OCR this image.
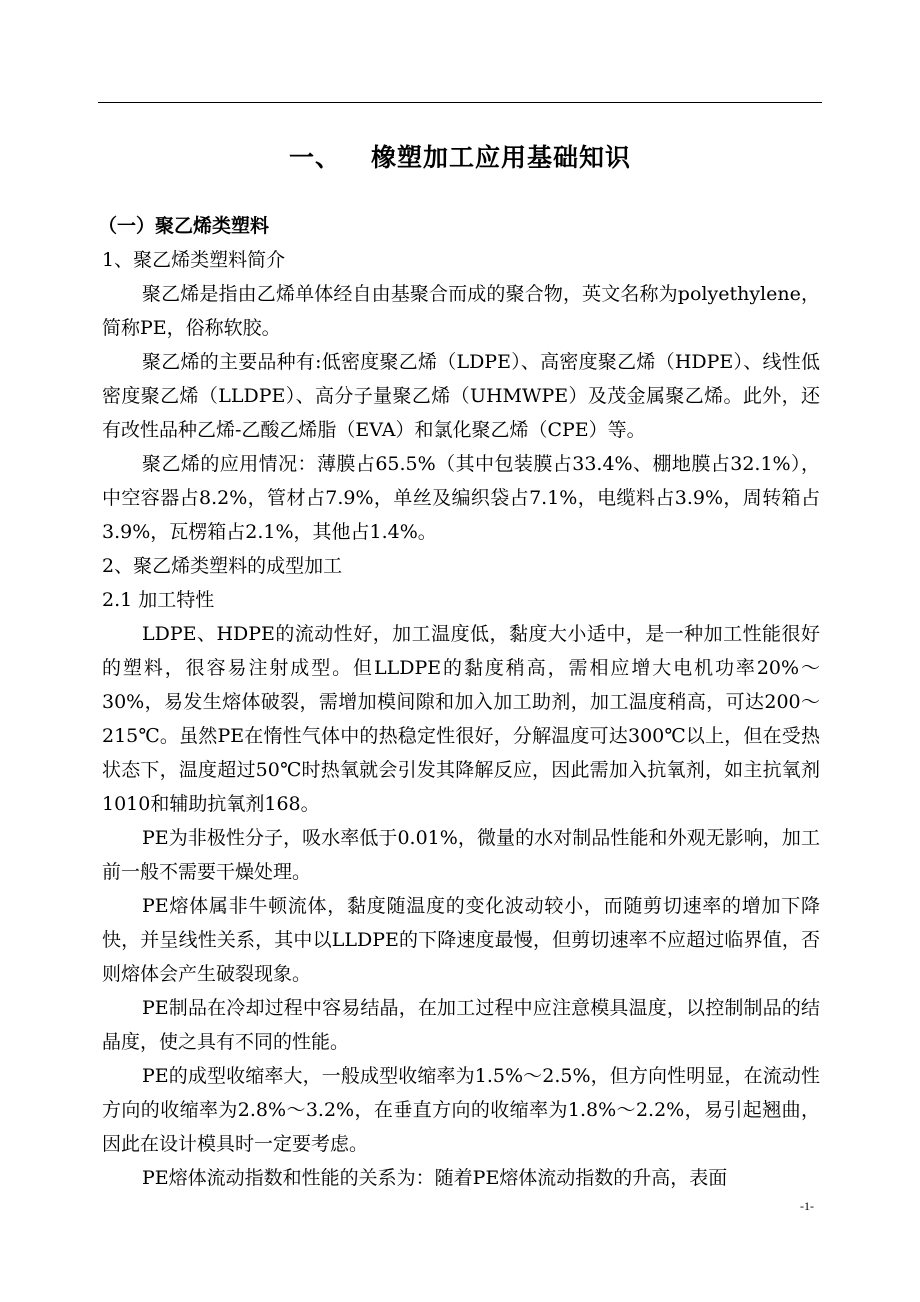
一、 橡塑加工应用基础知识
（一）聚乙烯类塑料
1、聚乙烯类塑料简介

聚乙烯是指由乙烯单体经自由基聚合而成的聚合物，英文名称为polyethylene，简称PE，俗称软胶。

聚乙烯的主要品种有:低密度聚乙烯（LDPE）、高密度聚乙烯（HDPE）、线性低密度聚乙烯（LLDPE）、高分子量聚乙烯（UHMWPE）及茂金属聚乙烯。此外，还有改性品种乙烯-乙酸乙烯脂（EVA）和氯化聚乙烯（CPE）等。

聚乙烯的应用情况：薄膜占65.5%（其中包装膜占33.4%、棚地膜占32.1%），中空容器占8.2%，管材占7.9%，单丝及编织袋占7.1%，电缆料占3.9%，周转箱占3.9%，瓦楞箱占2.1%，其他占1.4%。

2、聚乙烯类塑料的成型加工
2.1 加工特性

LDPE、HDPE的流动性好，加工温度低，黏度大小适中，是一种加工性能很好的塑料，很容易注射成型。但LLDPE的黏度稍高，需相应增大电机功率20%～30%，易发生熔体破裂，需增加模间隙和加入加工助剂，加工温度稍高，可达200～215℃。虽然PE在惰性气体中的热稳定性很好，分解温度可达300℃以上，但在受热状态下，温度超过50℃时热氧就会引发其降解反应，因此需加入抗氧剂，如主抗氧剂1010和辅助抗氧剂168。

PE为非极性分子，吸水率低于0.01%，微量的水对制品性能和外观无影响，加工前一般不需要干燥处理。

PE熔体属非牛顿流体，黏度随温度的变化波动较小，而随剪切速率的增加下降快，并呈线性关系，其中以LLDPE的下降速度最慢，但剪切速率不应超过临界值，否则熔体会产生破裂现象。

PE制品在冷却过程中容易结晶，在加工过程中应注意模具温度，以控制制品的结晶度，使之具有不同的性能。

PE的成型收缩率大，一般成型收缩率为1.5%～2.5%，但方向性明显，在流动性方向的收缩率为2.8%～3.2%，在垂直方向的收缩率为1.8%～2.2%，易引起翘曲，因此在设计模具时一定要考虑。

PE熔体流动指数和性能的关系为：随着PE熔体流动指数的升高，表面

-1-
